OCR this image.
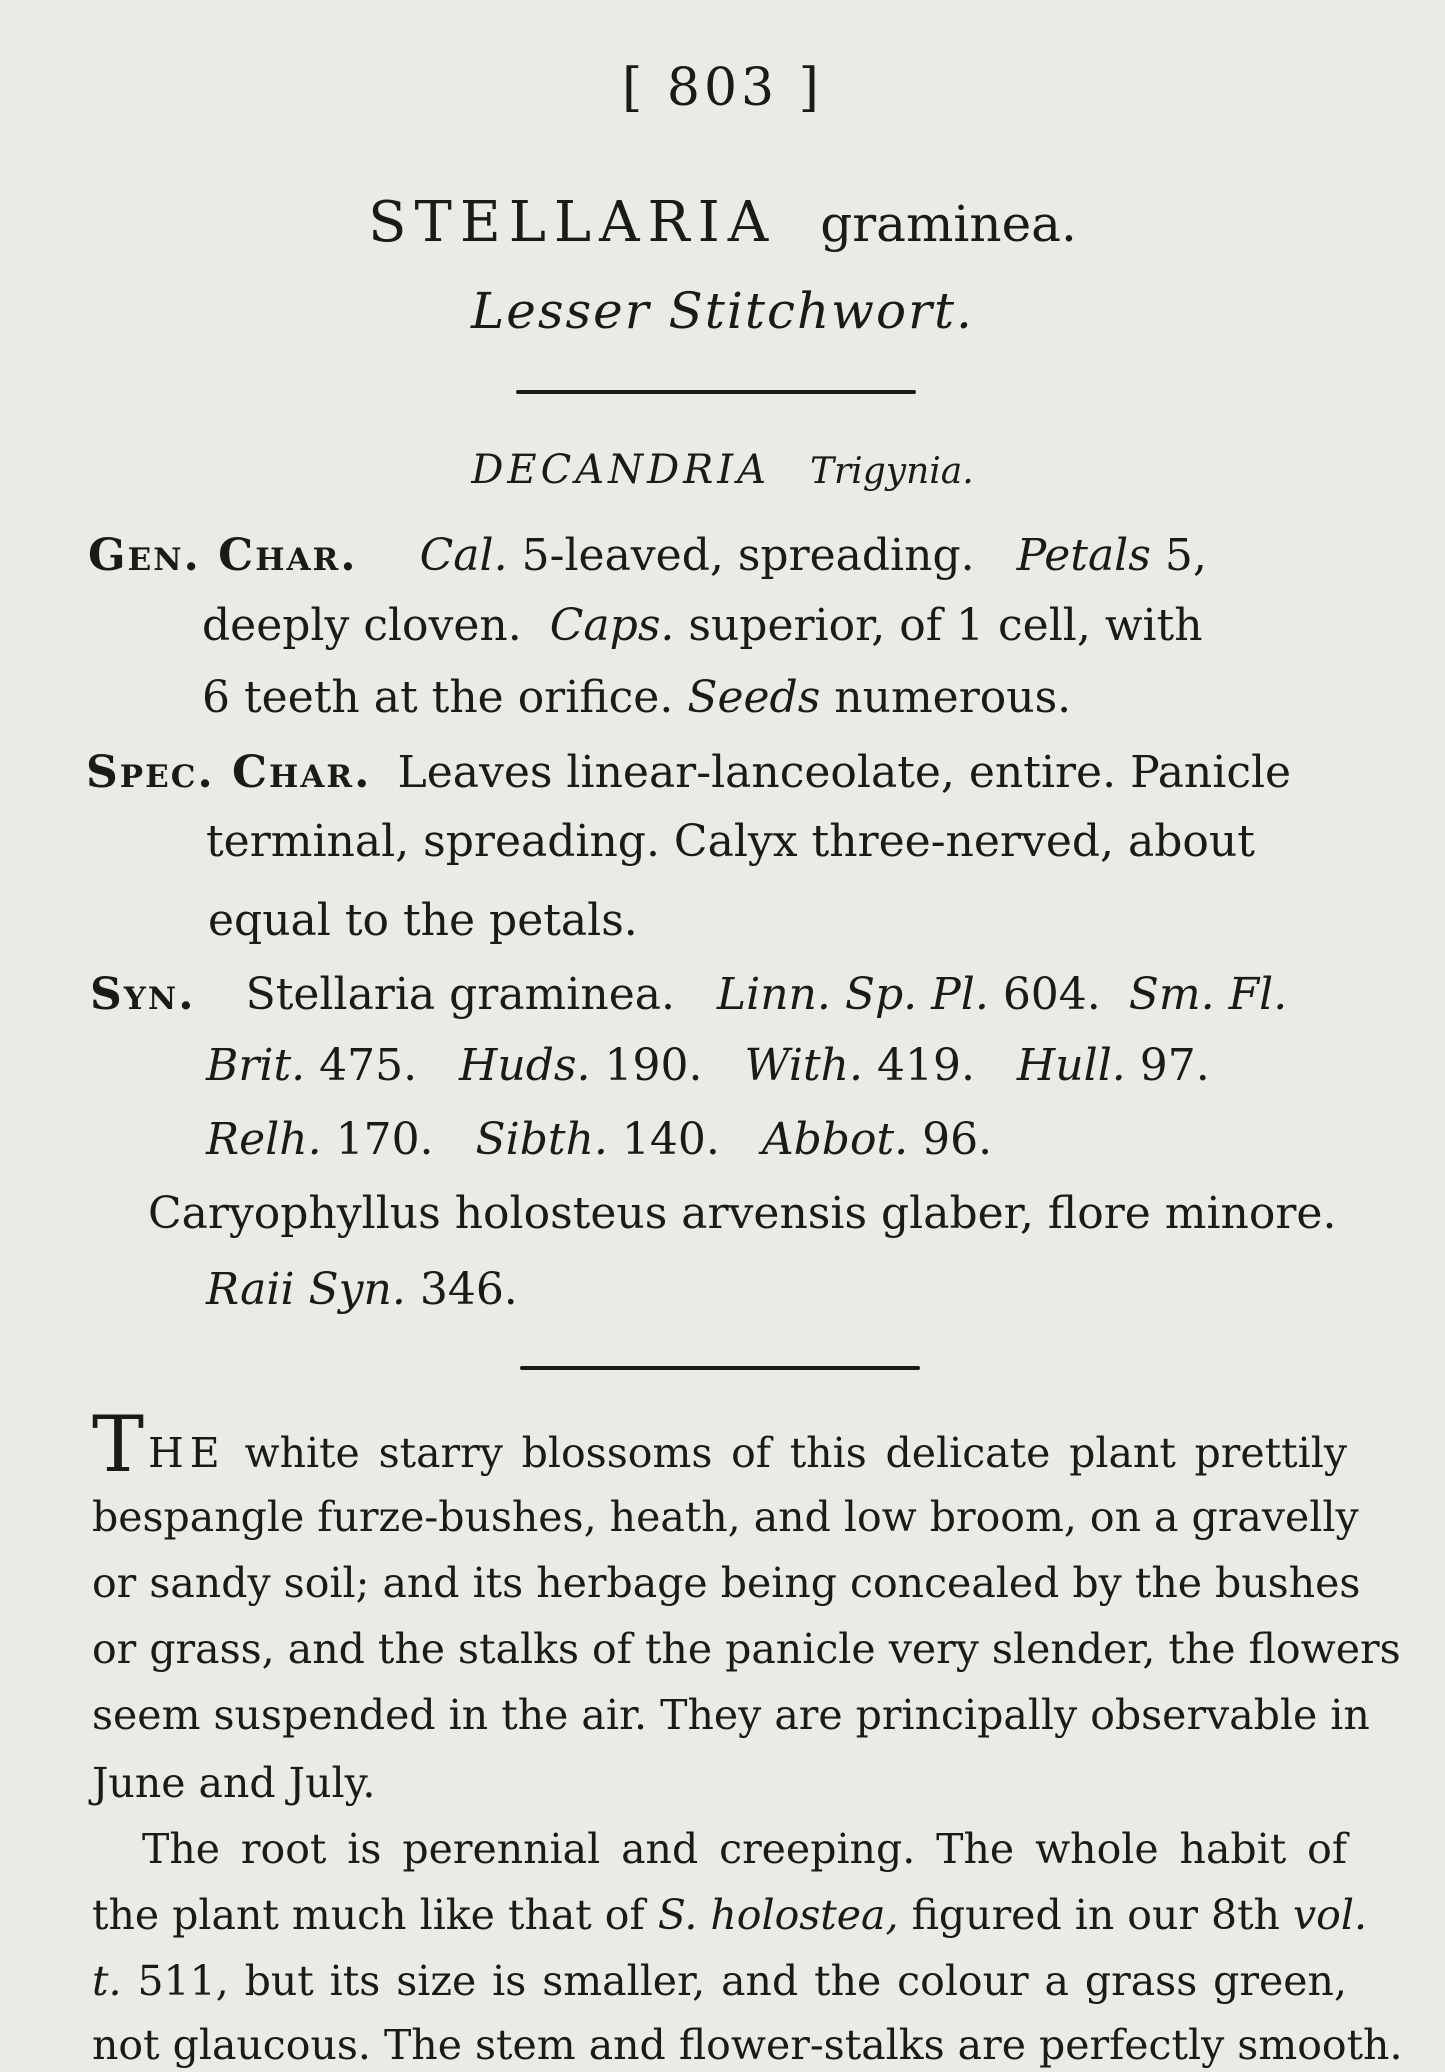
[ 803 ]
STELLARIA graminea.
Lesser Stitchwort.
DECANDRIA Trigynia.
Gen. Char. Cal. 5-leaved, spreading. Petals 5,
deeply cloven. Caps. superior, of 1 cell, with
6 teeth at the orifice. Seeds numerous.
Spec. Char. Leaves linear-lanceolate, entire. Panicle
terminal, spreading. Calyx three-nerved, about
equal to the petals.
Syn. Stellaria graminea. Linn. Sp. Pl. 604. Sm. Fl.
Brit. 475. Huds. 190. With. 419. Hull. 97.
Relh. 170. Sibth. 140. Abbot. 96.
Caryophyllus holosteus arvensis glaber, flore minore.
Raii Syn. 346.
THE white starry blossoms of this delicate plant prettily
bespangle furze-bushes, heath, and low broom, on a gravelly
or sandy soil; and its herbage being concealed by the bushes
or grass, and the stalks of the panicle very slender, the flowers
seem suspended in the air. They are principally observable in
June and July.
The root is perennial and creeping. The whole habit of
the plant much like that of S. holostea, figured in our 8th vol.
t. 511, but its size is smaller, and the colour a grass green,
not glaucous. The stem and flower-stalks are perfectly smooth.
